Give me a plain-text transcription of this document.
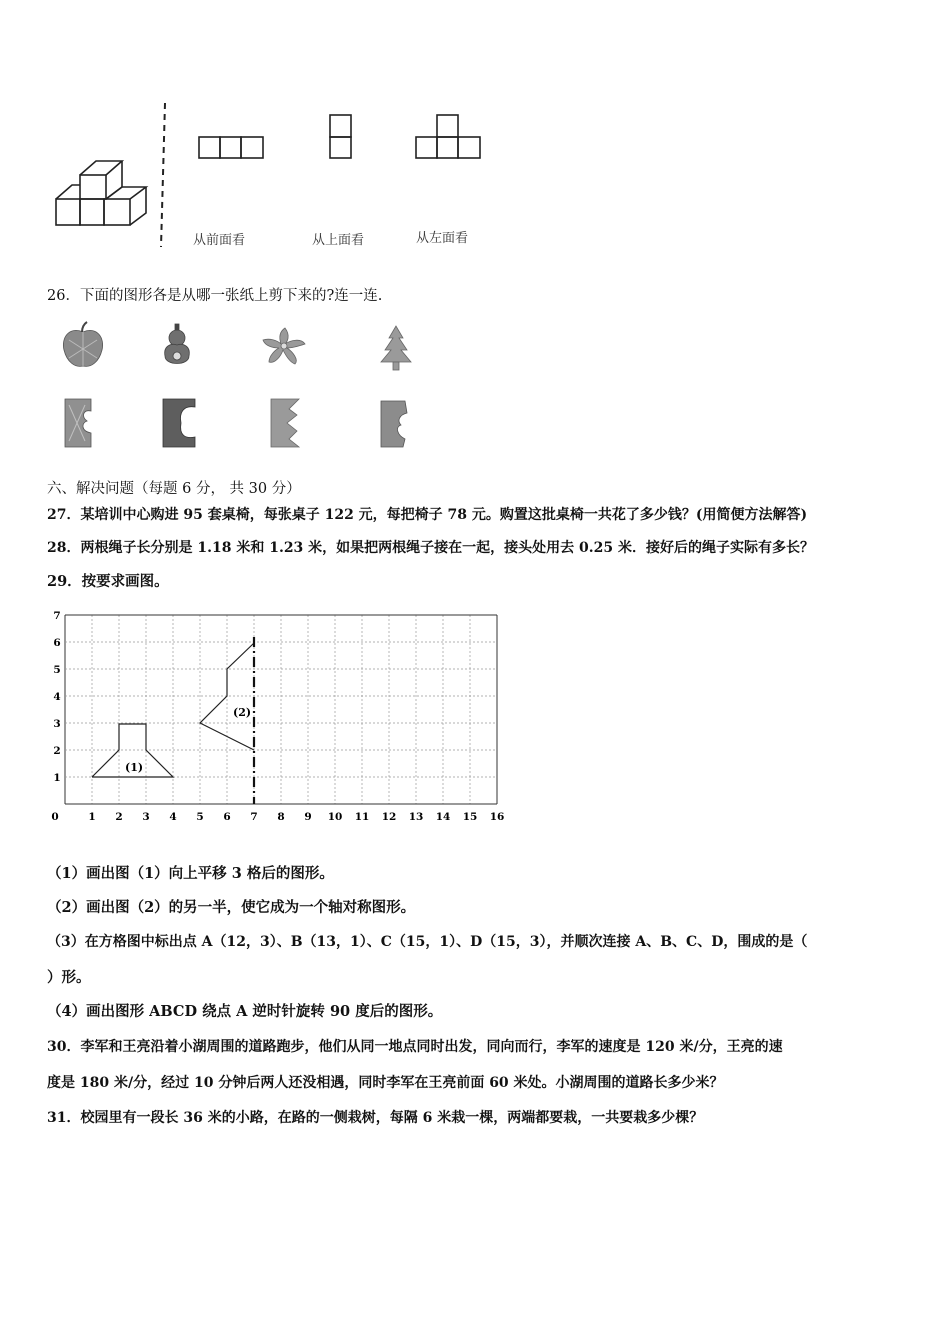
从前面看	从上面看	从左面看
26．下面的图形各是从哪一张纸上剪下来的?连一连.
六、解决问题（每题 6 分， 共 30 分）
27．某培训中心购进 95 套桌椅，每张桌子 122 元，每把椅子 78 元。购置这批桌椅一共花了多少钱？(用简便方法解答)
28．两根绳子长分别是 1.18 米和 1.23 米，如果把两根绳子接在一起，接头处用去 0.25 米．接好后的绳子实际有多长？
29．按要求画图。
0	1 2 3 4 5 6 7 8 9 10 11 12 13 14 15 16
1
2
3
4
5
6
7
(1)
(2)
（1）画出图（1）向上平移 3 格后的图形。
（2）画出图（2）的另一半，使它成为一个轴对称图形。
（3）在方格图中标出点 A（12，3）、B（13，1）、C（15，1）、D（15，3），并顺次连接 A、B、C、D，围成的是（
）形。
（4）画出图形 ABCD 绕点 A 逆时针旋转 90 度后的图形。
30．李军和王亮沿着小湖周围的道路跑步，他们从同一地点同时出发，同向而行，李军的速度是 120 米/分，王亮的速
度是 180 米/分，经过 10 分钟后两人还没相遇，同时李军在王亮前面 60 米处。小湖周围的道路长多少米？
31．校园里有一段长 36 米的小路，在路的一侧栽树，每隔 6 米栽一棵，两端都要栽，一共要栽多少棵？
